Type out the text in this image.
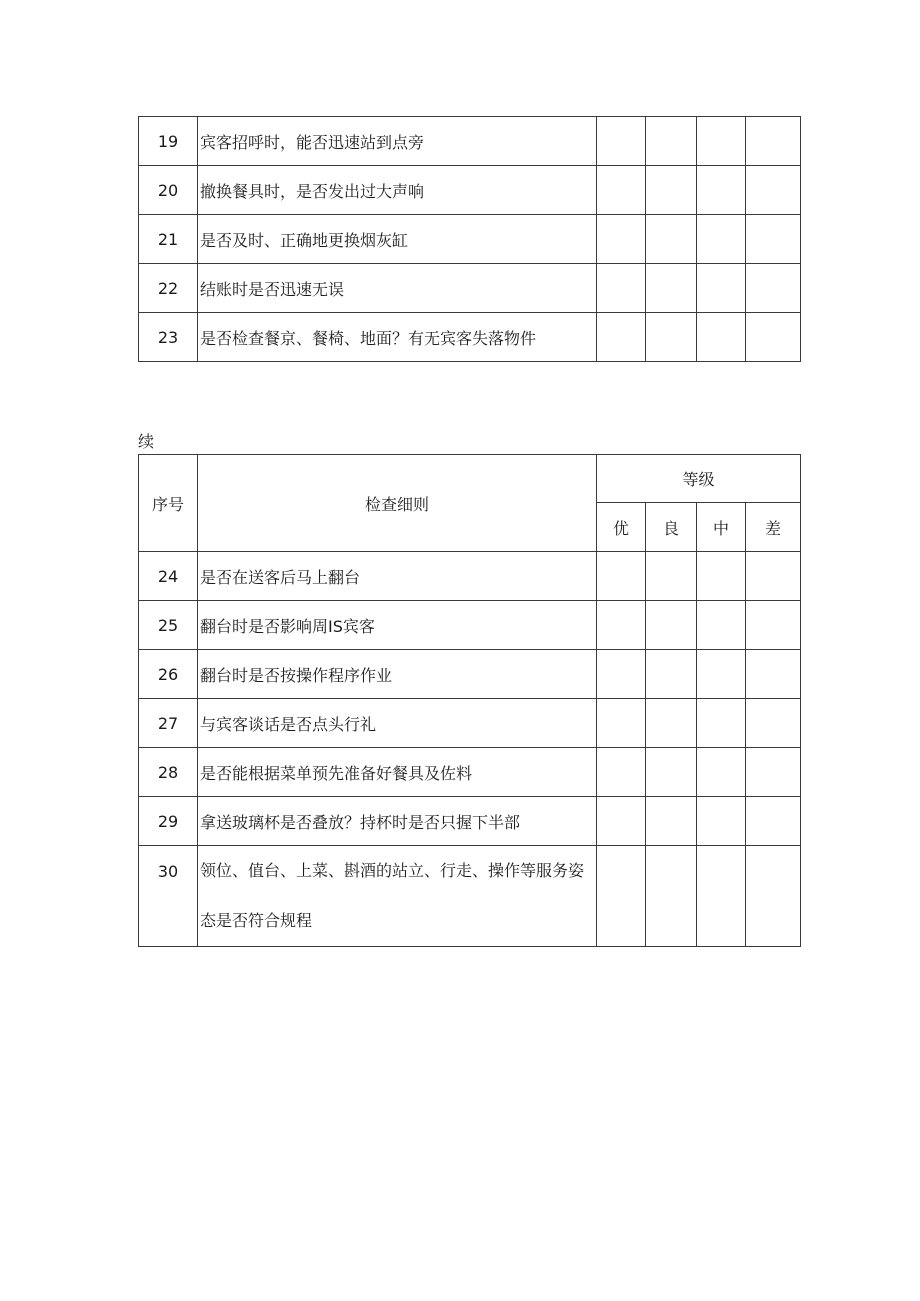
19	宾客招呼时，能否迅速站到点旁				
20	撤换餐具时，是否发出过大声响				
21	是否及时、正确地更换烟灰缸				
22	结账时是否迅速无误				
23	是否检查餐京、餐椅、地面？有无宾客失落物件				
续
序号	检查细则	等级			
		优	良	中	差
24	是否在送客后马上翻台				
25	翻台时是否影响周IS宾客				
26	翻台时是否按操作程序作业				
27	与宾客谈话是否点头行礼				
28	是否能根据菜单预先准备好餐具及佐料				
29	拿送玻璃杯是否叠放？持杯时是否只握下半部				
30	领位、值台、上菜、斟酒的站立、行走、操作等服务姿态是否符合规程				
